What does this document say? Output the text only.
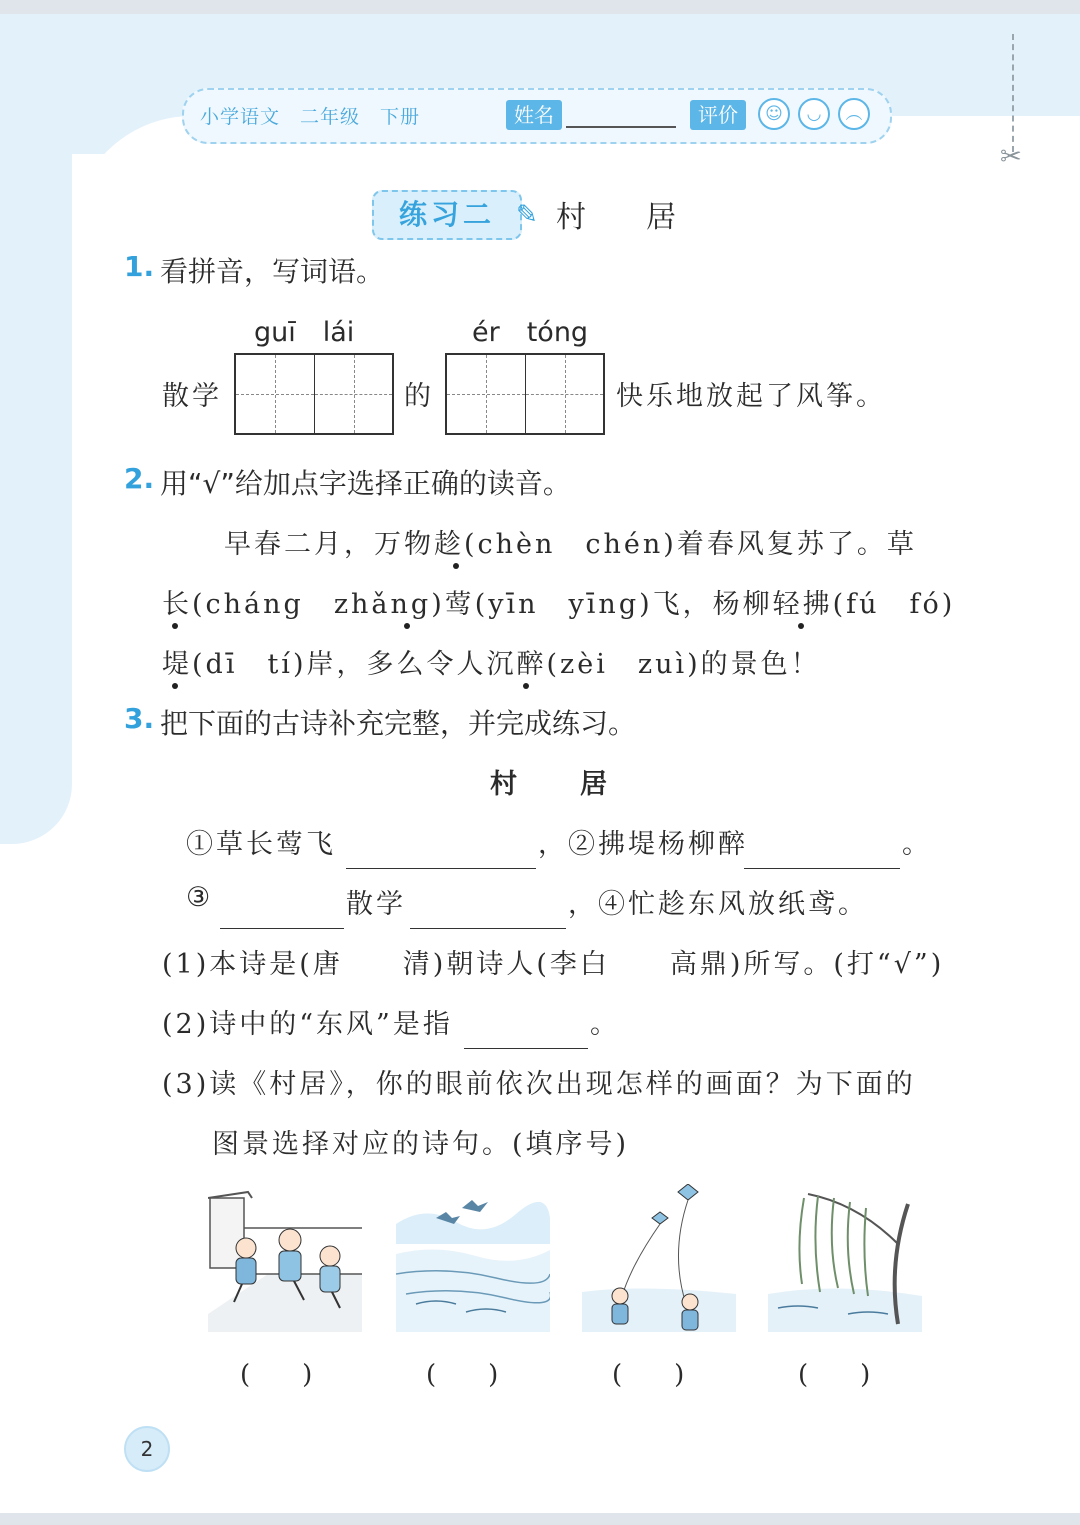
✂
小学语文　二年级　下册	姓名	评价	☺	◡	︵
练习二 ✎ 村居
1. 看拼音，写词语。
guī　lái	ér　tóng
散学	的	快乐地放起了风筝。
2. 用“√”给加点字选择正确的读音。
早春二月，万物趁(chèn　chén)着春风复苏了。草
长(cháng　zhǎng)莺(yīn　yīng)飞，杨柳轻拂(fú　fó)
堤(dī　tí)岸，多么令人沉醉(zèi　zuì)的景色！
3. 把下面的古诗补充完整，并完成练习。
村　　居
①草长莺飞	，②拂堤杨柳醉	。
③	散学	，④忙趁东风放纸鸢。
(1)本诗是(唐　　清)朝诗人(李白　　高鼎)所写。(打“√”)
(2)诗中的“东风”是指	。
(3)读《村居》，你的眼前依次出现怎样的画面？为下面的
图景选择对应的诗句。(填序号)
(　　)	(　　)	(　　)	(　　)
2
